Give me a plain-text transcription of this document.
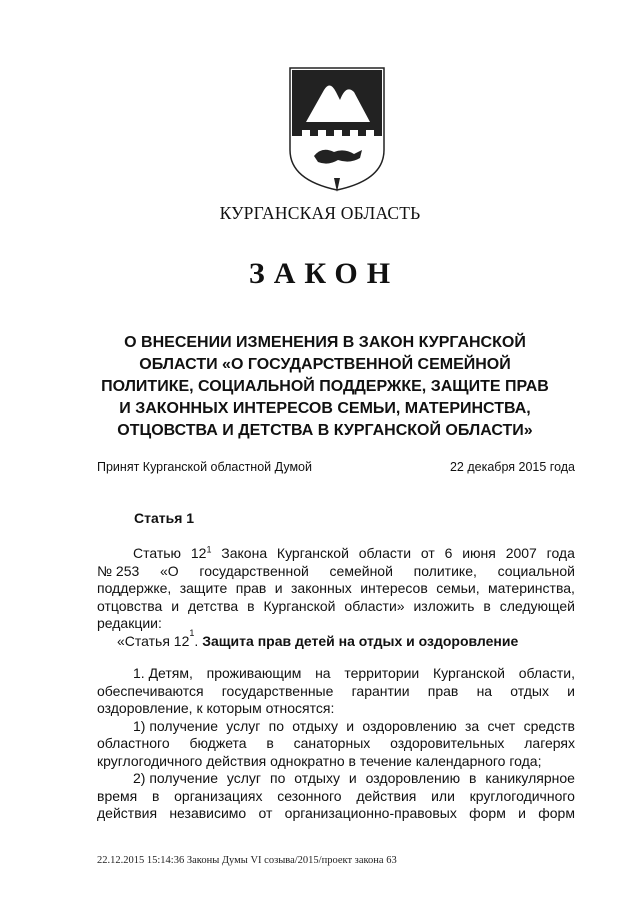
КУРГАНСКАЯ ОБЛАСТЬ
ЗАКОН
О ВНЕСЕНИИ ИЗМЕНЕНИЯ В ЗАКОН КУРГАНСКОЙ
ОБЛАСТИ «О ГОСУДАРСТВЕННОЙ СЕМЕЙНОЙ
ПОЛИТИКЕ, СОЦИАЛЬНОЙ ПОДДЕРЖКЕ, ЗАЩИТЕ ПРАВ
И ЗАКОННЫХ ИНТЕРЕСОВ СЕМЬИ, МАТЕРИНСТВА,
ОТЦОВСТВА И ДЕТСТВА В КУРГАНСКОЙ ОБЛАСТИ»
Принят Курганской областной Думой	22 декабря 2015 года
Статья 1
Статью $12^1$ Закона Курганской области от 6 июня 2007 года
№ 253 «О государственной семейной политике, социальной
поддержке, защите прав и законных интересов семьи, материнства,
отцовства и детства в Курганской области» изложить в следующей
редакции:
«Статья 12 1 . Защита прав детей на отдых и оздоровление
1. Детям, проживающим на территории Курганской области,
обеспечиваются государственные гарантии прав на отдых и
оздоровление, к которым относятся:
1) получение услуг по отдыху и оздоровлению за счет средств
областного бюджета в санаторных оздоровительных лагерях
круглогодичного действия однократно в течение календарного года;
2) получение услуг по отдыху и оздоровлению в каникулярное
время в организациях сезонного действия или круглогодичного
действия независимо от организационно-правовых форм и форм
22.12.2015 15:14:36 Законы Думы VI созыва/2015/проект закона 63
